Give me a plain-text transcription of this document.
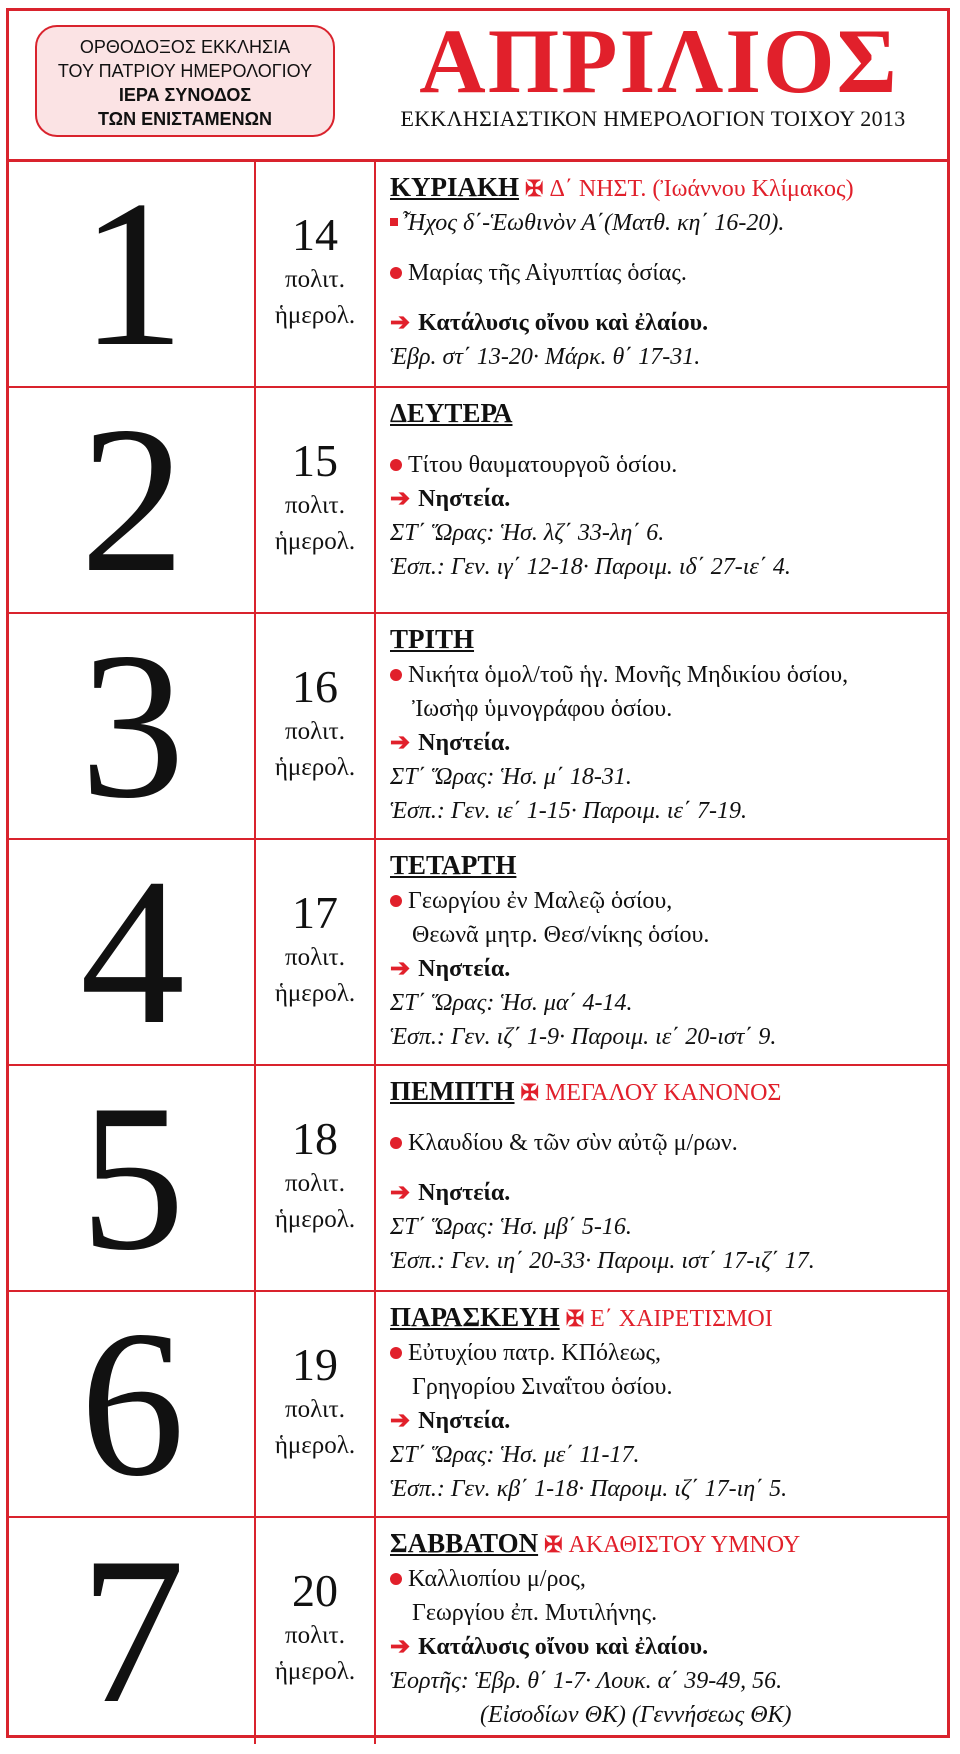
ΟΡΘΟΔΟΞΟΣ ΕΚΚΛΗΣΙΑ
ΤΟΥ ΠΑΤΡΙΟΥ ΗΜΕΡΟΛΟΓΙΟΥ
ΙΕΡΑ ΣΥΝΟΔΟΣ
ΤΩΝ ΕΝΙΣΤΑΜΕΝΩΝ
ΑΠΡΙΛΙΟΣ
ΕΚΚΛΗΣΙΑΣΤΙΚΟΝ ΗΜΕΡΟΛΟΓΙΟΝ ΤΟΙΧΟΥ 2013
1	14
πολιτ.
ἡμερολ.
ΚΥΡΙΑΚΗ ✠ Δ΄ ΝΗΣΤ. (Ἰωάννου Κλίμακος)
Ἦχος δ΄-Ἑωθινὸν Α΄(Ματθ. κη΄ 16-20).
Μαρίας τῆς Αἰγυπτίας ὁσίας.
➔ Κατάλυσις οἴνου καὶ ἐλαίου.
Ἑβρ. στ΄ 13-20· Μάρκ. θ΄ 17-31.
2	15
πολιτ.
ἡμερολ.
ΔΕΥΤΕΡΑ
Τίτου θαυματουργοῦ ὁσίου.
➔ Νηστεία.
ΣΤ΄ Ὥρας: Ἡσ. λζ΄ 33-λη΄ 6.
Ἑσπ.: Γεν. ιγ΄ 12-18· Παροιμ. ιδ΄ 27-ιε΄ 4.
3	16
πολιτ.
ἡμερολ.
ΤΡΙΤΗ
Νικήτα ὁμολ/τοῦ ἡγ. Μονῆς Μηδικίου ὁσίου,
Ἰωσὴφ ὑμνογράφου ὁσίου.
➔ Νηστεία.
ΣΤ΄ Ὥρας: Ἡσ. μ΄ 18-31.
Ἑσπ.: Γεν. ιε΄ 1-15· Παροιμ. ιε΄ 7-19.
4	17
πολιτ.
ἡμερολ.
ΤΕΤΑΡΤΗ
Γεωργίου ἐν Μαλεῷ ὁσίου,
Θεωνᾶ μητρ. Θεσ/νίκης ὁσίου.
➔ Νηστεία.
ΣΤ΄ Ὥρας: Ἡσ. μα΄ 4-14.
Ἑσπ.: Γεν. ιζ΄ 1-9· Παροιμ. ιε΄ 20-ιστ΄ 9.
5	18
πολιτ.
ἡμερολ.
ΠΕΜΠΤΗ ✠ ΜΕΓΑΛΟΥ ΚΑΝΟΝΟΣ
Κλαυδίου & τῶν σὺν αὐτῷ μ/ρων.
➔ Νηστεία.
ΣΤ΄ Ὥρας: Ἡσ. μβ΄ 5-16.
Ἑσπ.: Γεν. ιη΄ 20-33· Παροιμ. ιστ΄ 17-ιζ΄ 17.
6	19
πολιτ.
ἡμερολ.
ΠΑΡΑΣΚΕΥΗ ✠ Ε΄ ΧΑΙΡΕΤΙΣΜΟΙ
Εὐτυχίου πατρ. ΚΠόλεως,
Γρηγορίου Σιναΐτου ὁσίου.
➔ Νηστεία.
ΣΤ΄ Ὥρας: Ἡσ. με΄ 11-17.
Ἑσπ.: Γεν. κβ΄ 1-18· Παροιμ. ιζ΄ 17-ιη΄ 5.
7	20
πολιτ.
ἡμερολ.
ΣΑΒΒΑΤΟΝ ✠ ΑΚΑΘΙΣΤΟΥ ΥΜΝΟΥ
Καλλιοπίου μ/ρος,
Γεωργίου ἐπ. Μυτιλήνης.
➔ Κατάλυσις οἴνου καὶ ἐλαίου.
Ἑορτῆς: Ἑβρ. θ΄ 1-7· Λουκ. α΄ 39-49, 56.
(Εἰσοδίων ΘΚ) (Γεννήσεως ΘΚ)
